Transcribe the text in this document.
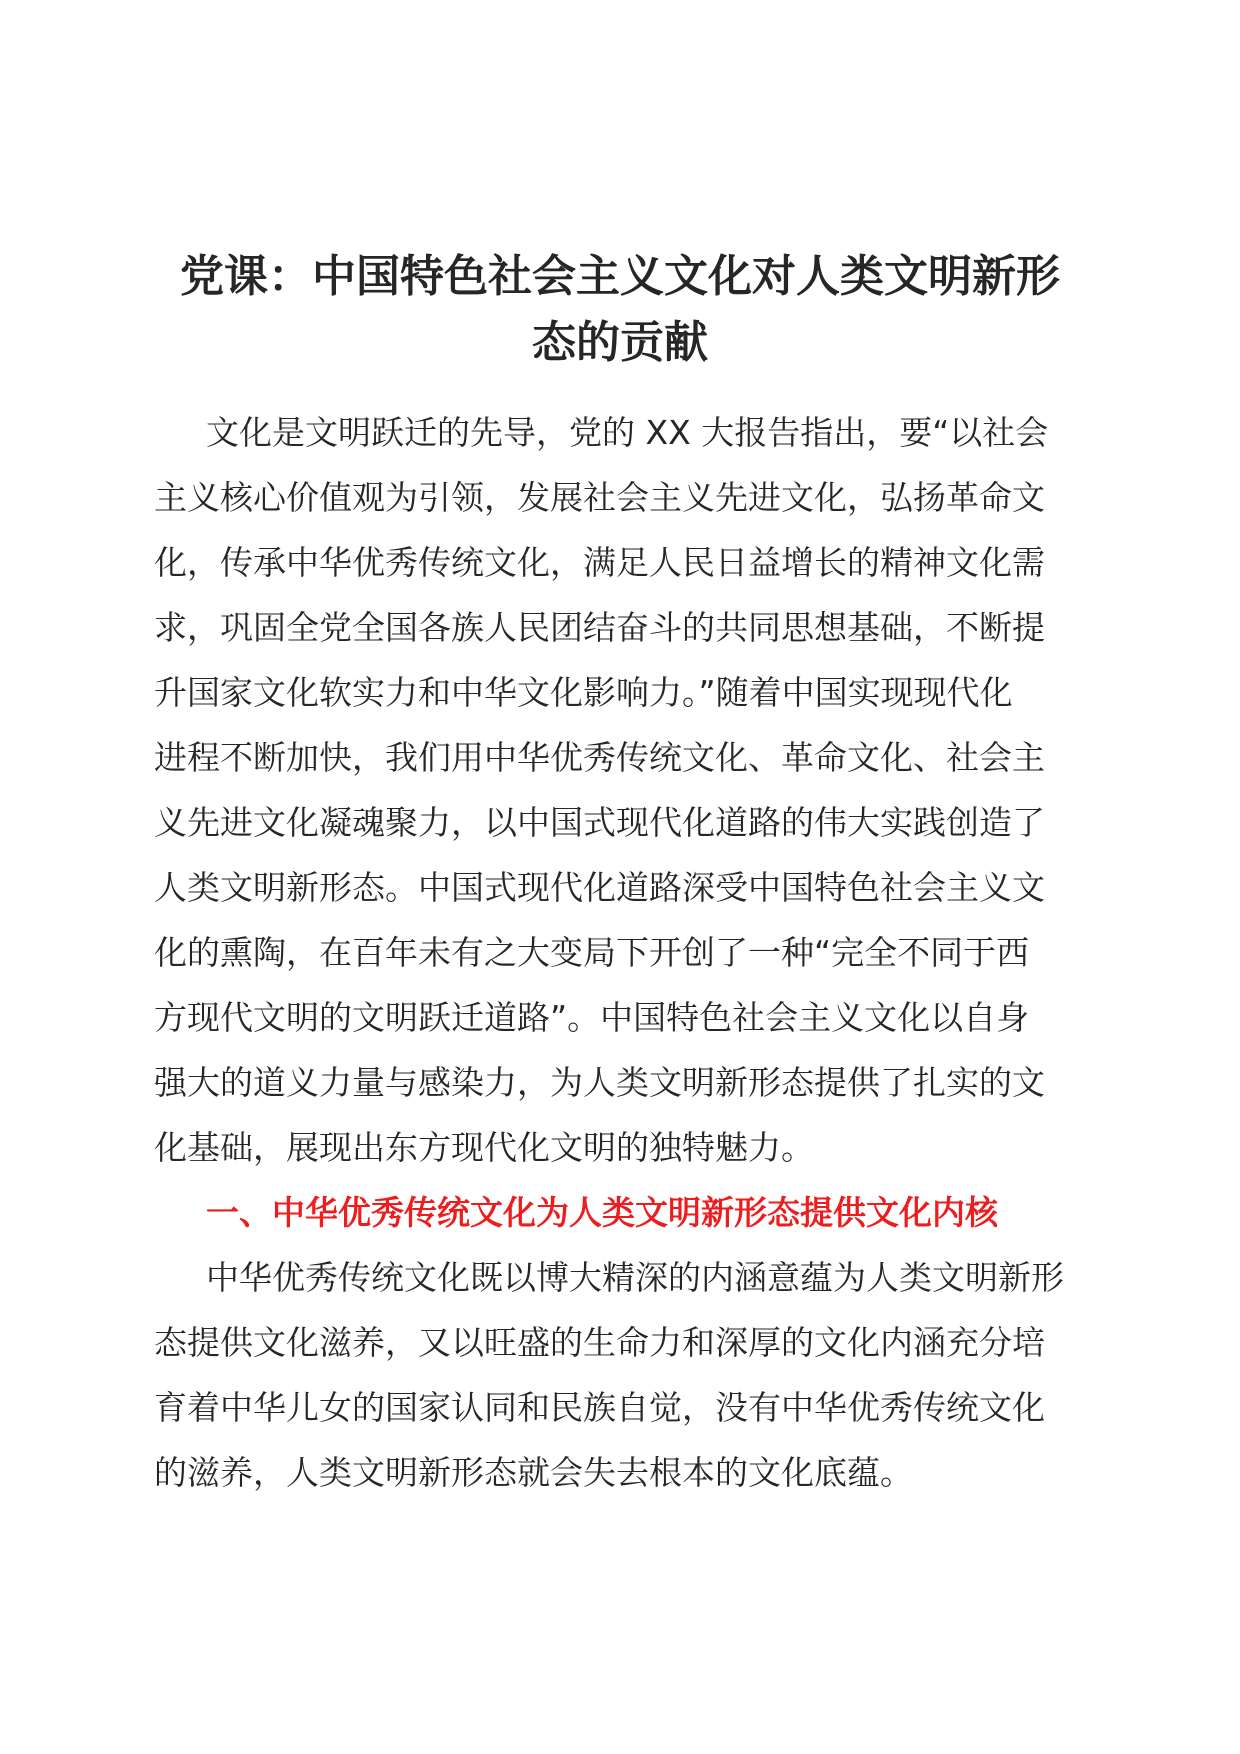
党课：中国特色社会主义文化对人类文明新形
态的贡献

文化是文明跃迁的先导，党的 XX 大报告指出，要“以社会
主义核心价值观为引领，发展社会主义先进文化，弘扬革命文
化，传承中华优秀传统文化，满足人民日益增长的精神文化需
求，巩固全党全国各族人民团结奋斗的共同思想基础，不断提
升国家文化软实力和中华文化影响力。”随着中国实现现代化
进程不断加快，我们用中华优秀传统文化、革命文化、社会主
义先进文化凝魂聚力，以中国式现代化道路的伟大实践创造了
人类文明新形态。中国式现代化道路深受中国特色社会主义文
化的熏陶，在百年未有之大变局下开创了一种“完全不同于西
方现代文明的文明跃迁道路”。中国特色社会主义文化以自身
强大的道义力量与感染力，为人类文明新形态提供了扎实的文
化基础，展现出东方现代化文明的独特魅力。

一、中华优秀传统文化为人类文明新形态提供文化内核

中华优秀传统文化既以博大精深的内涵意蕴为人类文明新形
态提供文化滋养，又以旺盛的生命力和深厚的文化内涵充分培
育着中华儿女的国家认同和民族自觉，没有中华优秀传统文化
的滋养，人类文明新形态就会失去根本的文化底蕴。
